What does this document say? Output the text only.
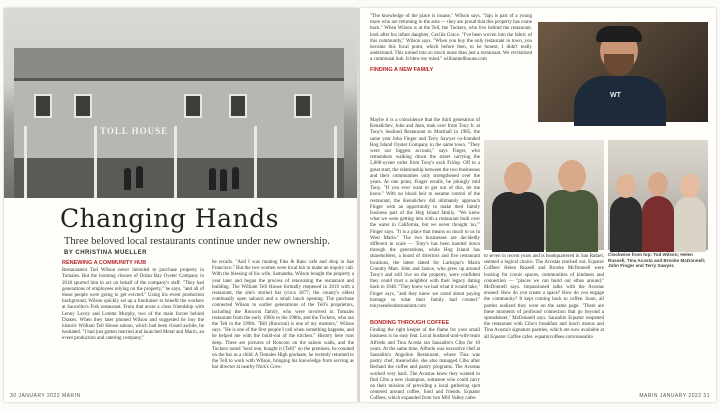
TOLL HOUSE
Changing Hands
Three beloved local restaurants continue under new ownership.
BY CHRISTINA MUELLER
RENEWING A COMMUNITY HUB
Restaurateur Tod Wilson never intended to purchase property in Tomales. But the looming closure of Dolan Bay Oyster Company in 2018 spurred him to act on behalf of the company's staff. "They had generations of employees relying on the property," he says, "and all of those people were going to get evicted." Using his event production background, Wilson quickly set up a fundraiser to benefit the workers at Saucelito's Fish restaurant. From that arose a close friendship with Lenny Lavoy and Loretta Murphy, two of the main forces behind Drakes. When they later phoned Wilson and suggested he buy the historic William Tell House saloon, which had been closed awhile, he hesitated. "I had just gotten married and launched Metal and Marin, an event production and catering company,"
he recalls. "And I was running Fins & Ranc cafe and shop in San Francisco." But the two women were local kin to make an inquiry call. With the blessing of his wife, Samantha, Wilson bought the property a year later and began the process of renovating the restaurant and building. The William Tell House formally reopened in 2019 with a restaurant, the site's storied bar (circa 1877; the county's oldest continually open saloon) and a small lunch opening. The purchase connected Wilson to earlier generations of the Tell's proprietors, including the Ronconi family, who were involved in Tomales restaurant from the early 1960s to the 1980s, and the Tuckers, who ran the Tell in the 1990s. "Bill (Ronconi) is one of my mentors," Wilson says. "He is one of the first people I call when something happens, and he helped me with the build-out of the kitchen." History here runs deep. There are pictures of Ronconi on the saloon walls, and the Tuckers noted "next one, bought it (Tell)" on the premises, he counted on the bar as a child. A Tomales High graduate, he recently returned to the Tell to work with Wilson, bringing his knowledge from serving as bar director at nearby Nick's Cove.
30 JANUARY 2022 MARIN
"The knowledge of the place is insane," Wilson says. "Jaju is part of a young more who are returning to the area — they are proud that this property has come back." When Wilson is at the Tell, the Tuckers, who live behind the restaurant, look after his infant daughter, Cecilia Grace. "I've been woven into the fabric of this community," Wilson says. "When you buy the only restaurant in town, you become this focal point, which before then, to be honest, I didn't really understand. This turned into so much more than just a restaurant. We revitalized a communal hub. It blew my mind." williamtellhouse.com
FINDING A NEW FAMILY
WT
Maybe it is a coincidence that the third generation of Kenalichev, John and Jenn, took over from Tony Jr. at Tony's Seafood Restaurant in Marshall in 1985, the same year John Finger and Terry Sawyer co-founded Hog Island Oyster Company in the same town. "They were our biggest account," says Finger, who remembers walking down the street carrying the 5,000-oyster order from Tony's each Friday. Off to a great start, the relationship between the two businesses and their communities only strengthened over the years. At one point, Finger recalls, he jokingly told Tony, "If you ever want to get out of this, let me know." With no blood heir to assume control of the restaurant, the Kenalichev did ultimately approach Finger with an opportunity to make their family business part of the Hog Island family. "We knew what we were getting into with a restaurant built over the water in California, but we never thought 'no,'" Finger says. "It is a place that means so much to us in West Marin." The two businesses are decidedly different in scale — Tony's has been handed down through the generations, while Hog Island has shareholders, a board of directors and five restaurant locations, the latest slated for Larkspur's Marin Country Mart. John and Janice, who grew up around Tony's and still live on the property, were confident they could trust a neighbor with their legacy dating back to 1948. "They knew we had what it would take," Finger says, "and they knew we cared about paying homage to what their family had created." tonysseafoodrestaurant.com
Clockwise from top: Tod Wilson; Helen Russell, Tina Acosta and Brooke McDonnell; John Finger and Terry Sawyer.
BONDING THROUGH COFFEE
Finding the right keeper of the flame for your small business is no easy feat. Local husband-and-wife team Alfredo and Tina Acosta ran Sausalito's Cibo for 10 years. At the same time, Alfredo was executive chef at Sausalito's Angelino Restaurant, where Tina was pastry chef, meanwhile, she also managed Cibo after Berland the coffee and pastry programs. The Acostas worked very hard. The Acostas knew they wanted to find Cibo a new champion, someone who could carry on their mission of providing a local gathering spot centered around coffee, food and friends. Equator Coffees, which expanded from two Mill Valley cafes
to seven in recent years and is headquartered in San Rafael, seemed a logical choice. The Acostas reached out. Equator Coffees' Helen Russell and Brooke McDonnell were looking for iconic spaces, communities of kindness and connection — "places we can build our ethos around," McDonnell says. Impassioned talks with the Acostas ensued: How do you create a space? How do you engage the community? It kept coming back to coffee. Soon, all parties realized they were on the same page. "There are these moments of profound connection that go beyond a spreadsheet," McDonnell says. Sausalito Equator reopened the restaurant with Cibo's breakfast and lunch menus and Tina Acosta's signature pastries, which are now available at all Equator Coffee cafes. equatorcoffees.com/sausalito
MARIN JANUARY 2022 31
